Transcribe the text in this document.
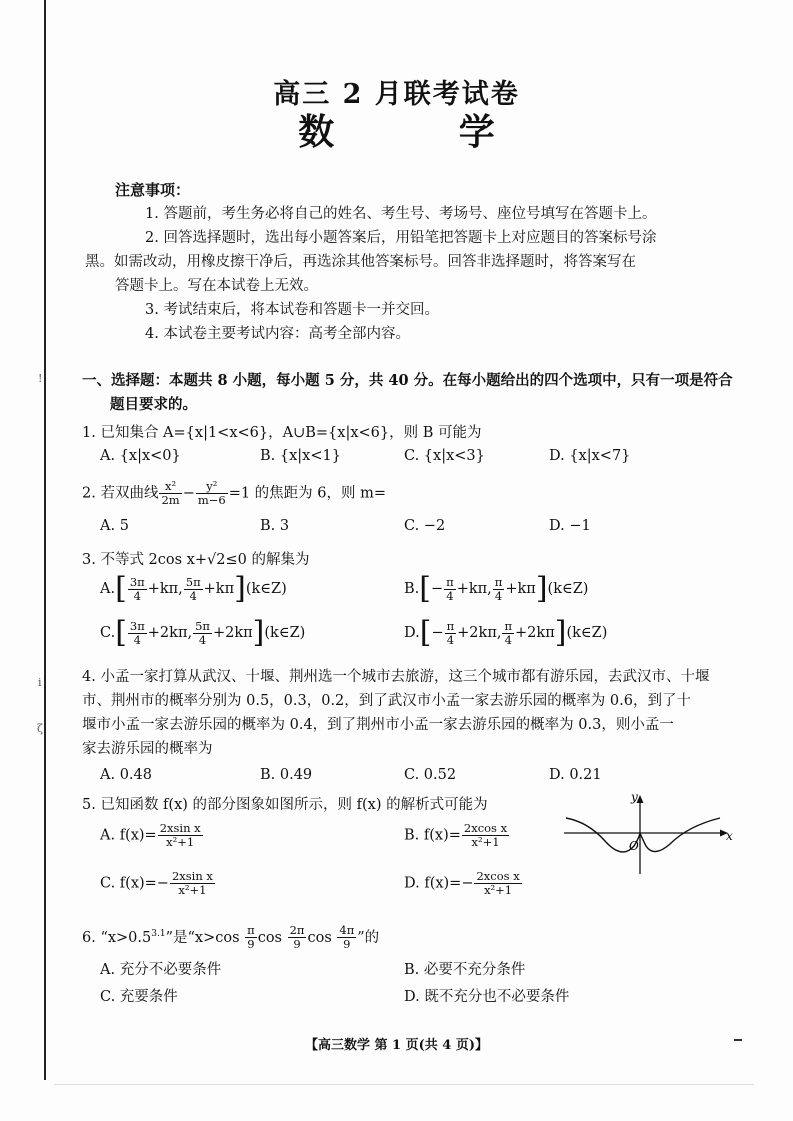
!
i
ζ
高三 2 月联考试卷
数 学
注意事项：
1. 答题前，考生务必将自己的姓名、考生号、考场号、座位号填写在答题卡上。
2. 回答选择题时，选出每小题答案后，用铅笔把答题卡上对应题目的答案标号涂
黑。如需改动，用橡皮擦干净后，再选涂其他答案标号。回答非选择题时，将答案写在
答题卡上。写在本试卷上无效。
3. 考试结束后，将本试卷和答题卡一并交回。
4. 本试卷主要考试内容：高考全部内容。
一、选择题：本题共 8 小题，每小题 5 分，共 40 分。在每小题给出的四个选项中，只有一项是符合
题目要求的。
1. 已知集合 A={x|1<x<6}，A∪B={x|x<6}，则 B 可能为
A. {x|x<0}	B. {x|x<1}	C. {x|x<3}	D. {x|x<7}
2. 若双曲线 $\frac{\text{x²}}{2m} - \frac{\text{y²}}{m-6} =1$ 的焦距为 6，则 m=
A. 5	B. 3	C. −2	D. −1
3. 不等式 2cos x+√2≤0 的解集为
$A.[ \frac{3\pi}{4} +k\pi$, $\frac{5\pi}{4}$ +kπ](k∈Z)	$B.[- \frac{\pi}{4} +k\pi$, $\frac{\pi}{4}$ +kπ](k∈Z)
$C.[ \frac{3\pi}{4} +2k\pi$, $\frac{5\pi}{4}$ +2kπ](k∈Z)	$D.[- \frac{\pi}{4} +2k\pi$, $\frac{\pi}{4}$ +2kπ](k∈Z)
4. 小孟一家打算从武汉、十堰、荆州选一个城市去旅游，这三个城市都有游乐园，去武汉市、十堰
市、荆州市的概率分别为 0.5，0.3，0.2，到了武汉市小孟一家去游乐园的概率为 0.6，到了十
堰市小孟一家去游乐园的概率为 0.4，到了荆州市小孟一家去游乐园的概率为 0.3，则小孟一
家去游乐园的概率为
A. 0.48	B. 0.49	C. 0.52	D. 0.21
5. 已知函数 f(x) 的部分图象如图所示，则 f(x) 的解析式可能为
A. $f(x)= \frac{\text{2xsin x}}{\text{x²+1}}$	B. $f(x)= \frac{\text{2xcos x}}{\text{x²+1}}$
C. $f(x)=- \frac{\text{2xsin x}}{\text{x²+1}}$	D. $f(x)=- \frac{\text{2xcos x}}{\text{x²+1}}$
y
x
O
6. “$x>0.5^{3.1}$”是“$x>\cos \frac{\pi}{9}$ $\cos \frac{2\pi}{9}$ $\cos \frac{4\pi}{9}$ ”的
A. 充分不必要条件	B. 必要不充分条件
C. 充要条件	D. 既不充分也不必要条件
【高三数学 第 1 页(共 4 页)】
